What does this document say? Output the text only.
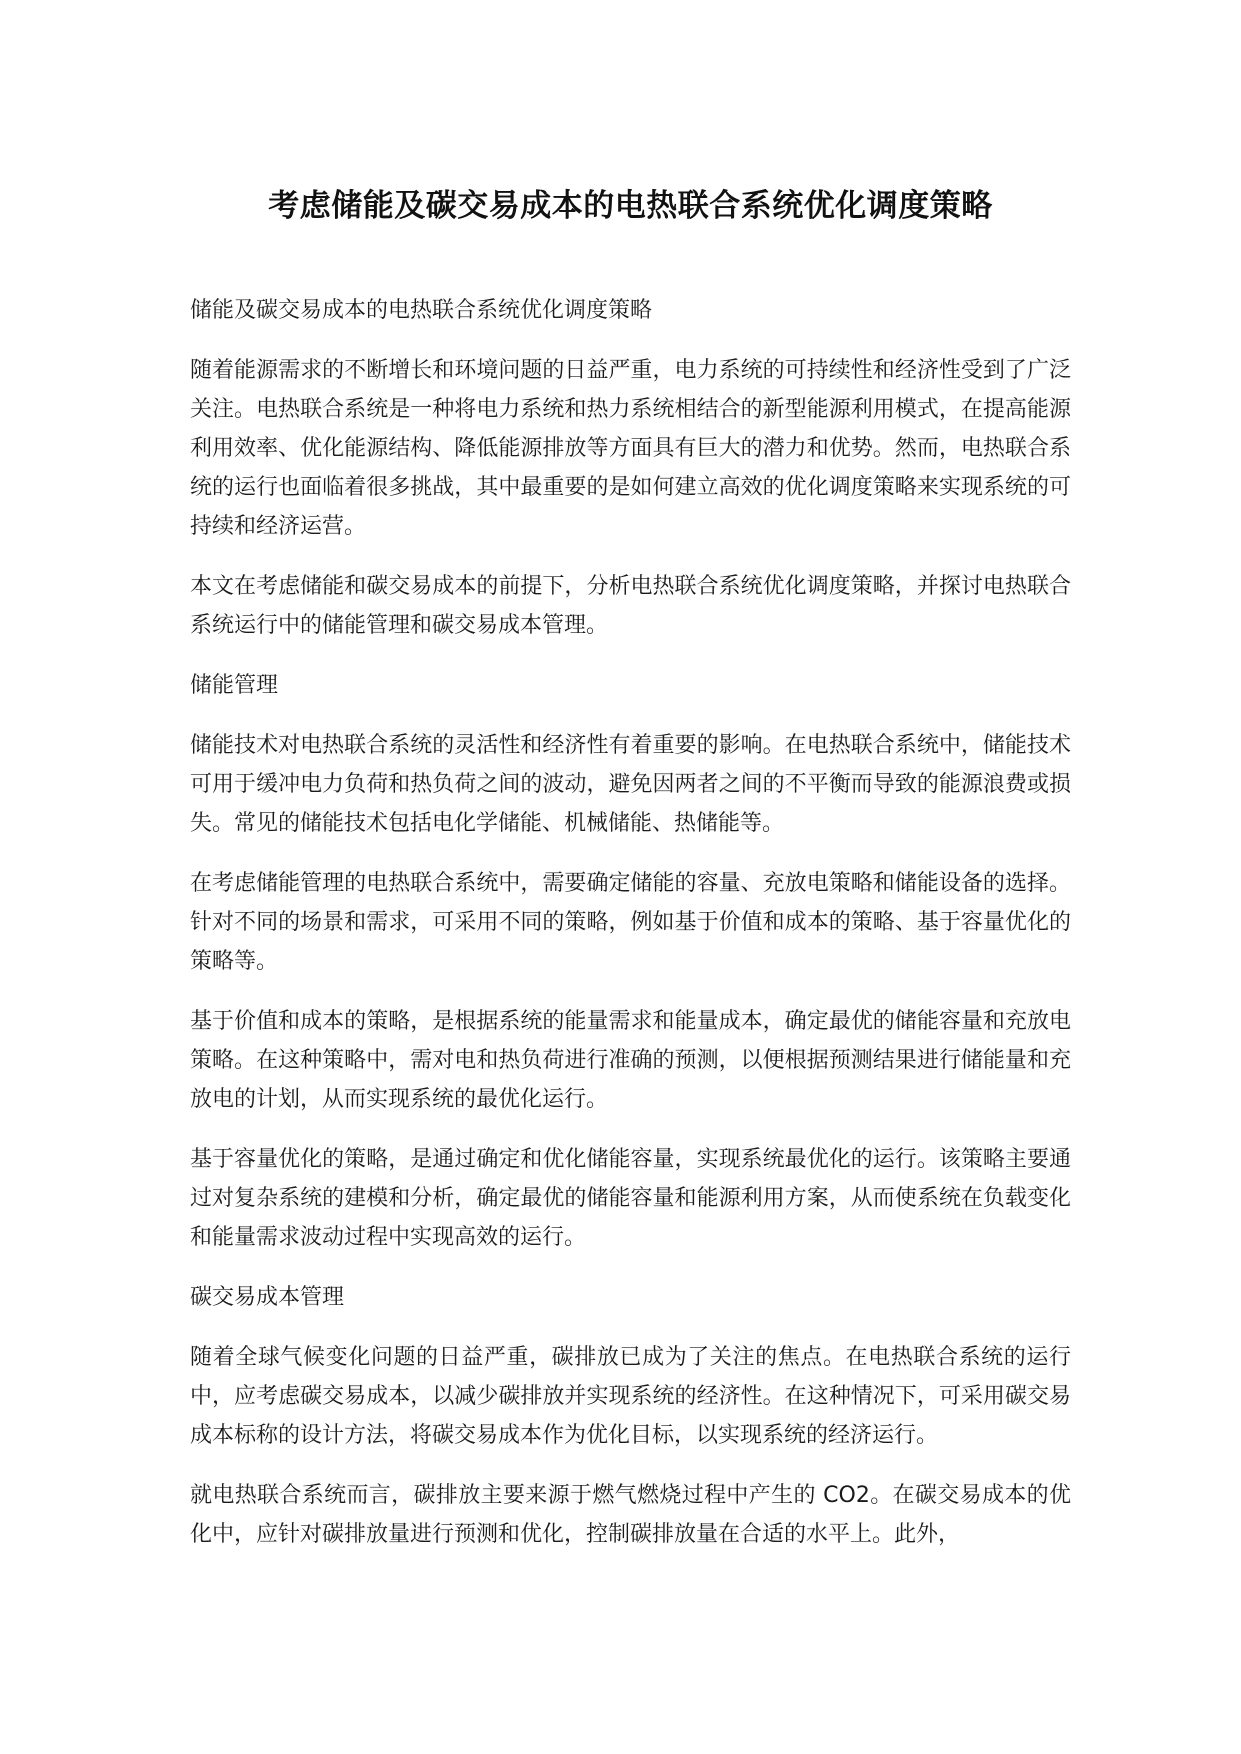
考虑储能及碳交易成本的电热联合系统优化调度策略
储能及碳交易成本的电热联合系统优化调度策略

随着能源需求的不断增长和环境问题的日益严重，电力系统的可持续性和经济性受到了广泛关注。电热联合系统是一种将电力系统和热力系统相结合的新型能源利用模式，在提高能源利用效率、优化能源结构、降低能源排放等方面具有巨大的潜力和优势。然而，电热联合系统的运行也面临着很多挑战，其中最重要的是如何建立高效的优化调度策略来实现系统的可持续和经济运营。

本文在考虑储能和碳交易成本的前提下，分析电热联合系统优化调度策略，并探讨电热联合系统运行中的储能管理和碳交易成本管理。

储能管理

储能技术对电热联合系统的灵活性和经济性有着重要的影响。在电热联合系统中，储能技术可用于缓冲电力负荷和热负荷之间的波动，避免因两者之间的不平衡而导致的能源浪费或损失。常见的储能技术包括电化学储能、机械储能、热储能等。

在考虑储能管理的电热联合系统中，需要确定储能的容量、充放电策略和储能设备的选择。针对不同的场景和需求，可采用不同的策略，例如基于价值和成本的策略、基于容量优化的策略等。

基于价值和成本的策略，是根据系统的能量需求和能量成本，确定最优的储能容量和充放电策略。在这种策略中，需对电和热负荷进行准确的预测，以便根据预测结果进行储能量和充放电的计划，从而实现系统的最优化运行。

基于容量优化的策略，是通过确定和优化储能容量，实现系统最优化的运行。该策略主要通过对复杂系统的建模和分析，确定最优的储能容量和能源利用方案，从而使系统在负载变化和能量需求波动过程中实现高效的运行。

碳交易成本管理

随着全球气候变化问题的日益严重，碳排放已成为了关注的焦点。在电热联合系统的运行中，应考虑碳交易成本，以减少碳排放并实现系统的经济性。在这种情况下，可采用碳交易成本标称的设计方法，将碳交易成本作为优化目标，以实现系统的经济运行。

就电热联合系统而言，碳排放主要来源于燃气燃烧过程中产生的 CO2。在碳交易成本的优化中，应针对碳排放量进行预测和优化，控制碳排放量在合适的水平上。此外，
